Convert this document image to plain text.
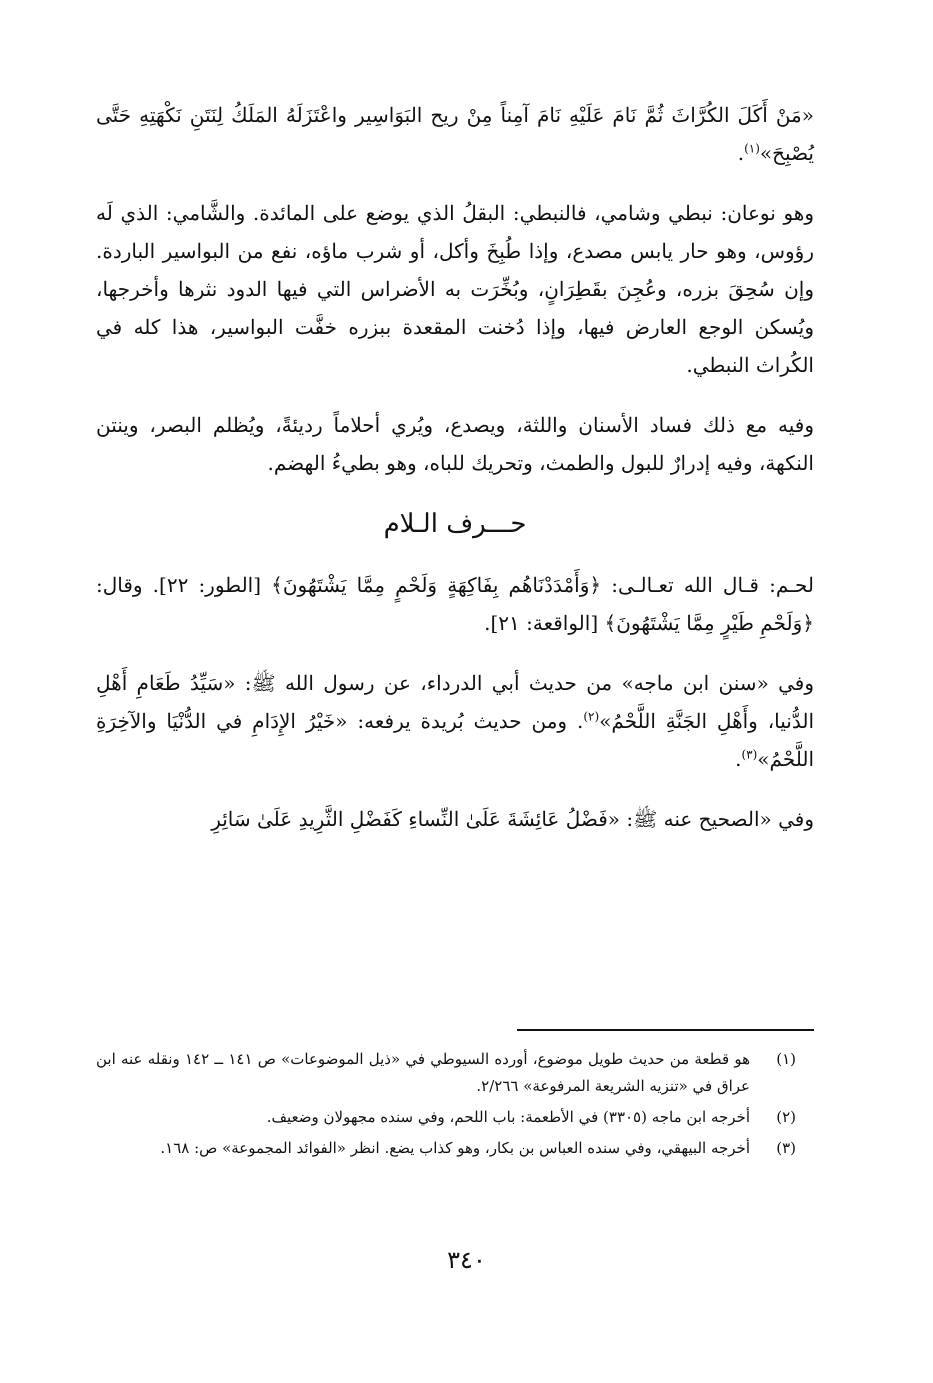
«مَنْ أَكَلَ الكُرَّاثَ ثُمَّ نَامَ عَلَيْهِ نَامَ آمِناً مِنْ ريح البَوَاسِير واعْتَزَلَهُ المَلَكُ لِنَتَنِ نَكْهَتِهِ حَتَّى يُصْبِحَ»$^{(١)}$.

وهو نوعان: نبطي وشامي، فالنبطي: البقلُ الذي يوضع على المائدة. والشَّامي: الذي لَه رؤوس، وهو حار يابس مصدع، وإذا طُبِخَ وأكل، أو شرب ماؤه، نفع من البواسير الباردة. وإن سُحِقَ بزره، وعُجِنَ بقَطِرَانٍ، وبُخِّرَت به الأضراس التي فيها الدود نثرها وأخرجها، ويُسكن الوجع العارض فيها، وإذا دُخنت المقعدة ببزره خفَّت البواسير، هذا كله في الكُراث النبطي.

وفيه مع ذلك فساد الأسنان واللثة، ويصدع، ويُري أحلاماً رديئةً، ويُظلم البصر، وينتن النكهة، وفيه إدرارٌ للبول والطمث، وتحريك للباه، وهو بطيءُ الهضم.

حـــرف الـلام

لحـم: قـال الله تعـالـى: ﴿وَأَمْدَدْنَاهُم بِفَاكِهَةٍ وَلَحْمٍ مِمَّا يَشْتَهُونَ﴾ [الطور: ٢٢]. وقال: ﴿وَلَحْمِ طَيْرٍ مِمَّا يَشْتَهُونَ﴾ [الواقعة: ٢١].

وفي «سنن ابن ماجه» من حديث أبي الدرداء، عن رسول الله ﷺ: «سَيِّدُ طَعَامِ أَهْلِ الدُّنيا، وأَهْلِ الجَنَّةِ اللَّحْمُ»$^{(٢)}$. ومن حديث بُريدة يرفعه: «خَيْرُ الإِدَامِ في الدُّنْيَا والآخِرَةِ اللَّحْمُ»$^{(٣)}$.

وفي «الصحيح عنه ﷺ: «فَضْلُ عَائِشَةَ عَلَىٰ النِّساءِ كَفَضْلِ الثَّرِيدِ عَلَىٰ سَائِرِ

(١)
هو قطعة من حديث طويل موضوع، أورده السيوطي في «ذيل الموضوعات» ص ١٤١ ــ ١٤٢ ونقله عنه ابن عراق في «تنزيه الشريعة المرفوعة» ٢/٢٦٦.
(٢)
أخرجه ابن ماجه (٣٣٠٥) في الأطعمة: باب اللحم، وفي سنده مجهولان وضعيف.
(٣)
أخرجه البيهقي، وفي سنده العباس بن بكار، وهو كذاب يضع. انظر «الفوائد المجموعة» ص: ١٦٨.
٣٤٠
